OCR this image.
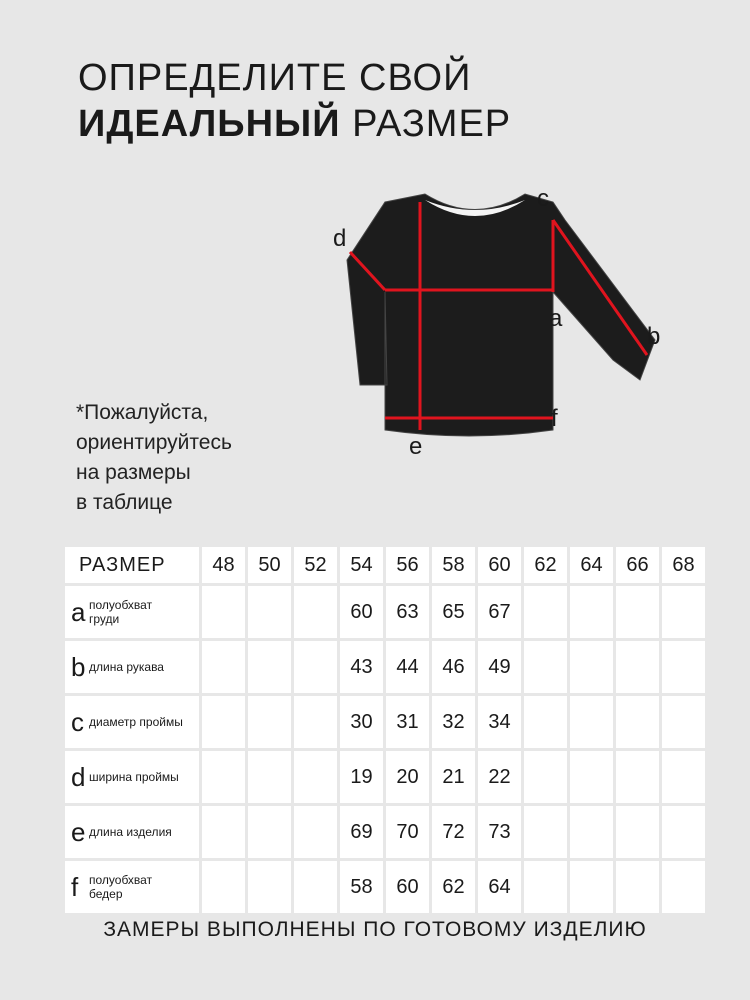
ОПРЕДЕЛИТЕ СВОЙ
ИДЕАЛЬНЫЙ РАЗМЕР
d
c
a
b
f
e
*Пожалуйста,
ориентируйтесь
на размеры
в таблице
РАЗМЕР	48	50	52	54	56	58	60	62	64	66	68
a полуобхват груди				60	63	65	67				
b длина рукава				43	44	46	49				
c диаметр проймы				30	31	32	34				
d ширина проймы				19	20	21	22				
e длина изделия				69	70	72	73				
f полуобхват бедер				58	60	62	64				
ЗАМЕРЫ ВЫПОЛНЕНЫ ПО ГОТОВОМУ ИЗДЕЛИЮ
